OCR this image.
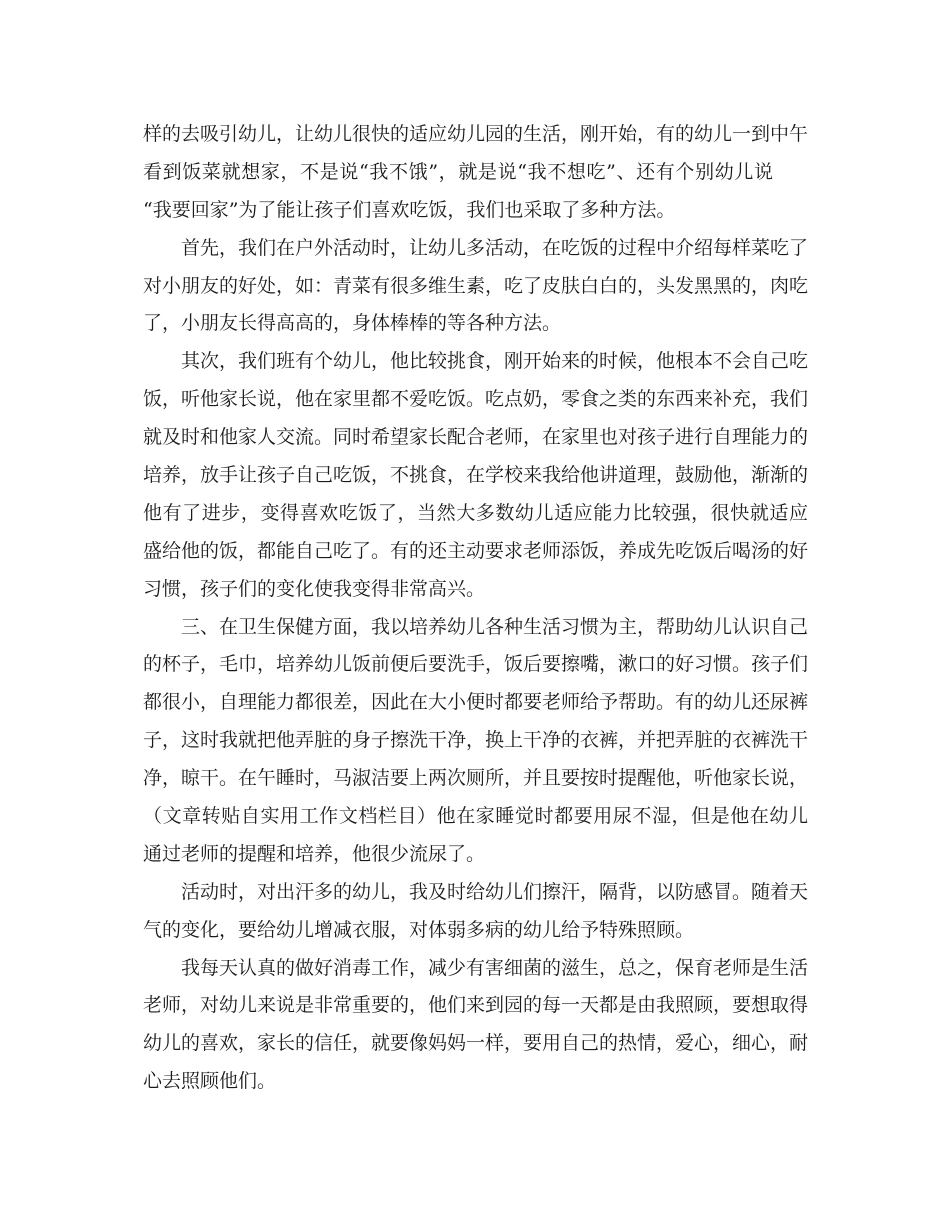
样的去吸引幼儿，让幼儿很快的适应幼儿园的生活，刚开始，有的幼儿一到中午
看到饭菜就想家，不是说“我不饿”，就是说“我不想吃”、还有个别幼儿说
“我要回家”为了能让孩子们喜欢吃饭，我们也采取了多种方法。
首先，我们在户外活动时，让幼儿多活动，在吃饭的过程中介绍每样菜吃了
对小朋友的好处，如：青菜有很多维生素，吃了皮肤白白的，头发黑黑的，肉吃
了，小朋友长得高高的，身体棒棒的等各种方法。
其次，我们班有个幼儿，他比较挑食，刚开始来的时候，他根本不会自己吃
饭，听他家长说，他在家里都不爱吃饭。吃点奶，零食之类的东西来补充，我们
就及时和他家人交流。同时希望家长配合老师，在家里也对孩子进行自理能力的
培养，放手让孩子自己吃饭，不挑食，在学校来我给他讲道理，鼓励他，渐渐的
他有了进步，变得喜欢吃饭了，当然大多数幼儿适应能力比较强，很快就适应
盛给他的饭，都能自己吃了。有的还主动要求老师添饭，养成先吃饭后喝汤的好
习惯，孩子们的变化使我变得非常高兴。
三、在卫生保健方面，我以培养幼儿各种生活习惯为主，帮助幼儿认识自己
的杯子，毛巾，培养幼儿饭前便后要洗手，饭后要擦嘴，漱口的好习惯。孩子们
都很小，自理能力都很差，因此在大小便时都要老师给予帮助。有的幼儿还尿裤
子，这时我就把他弄脏的身子擦洗干净，换上干净的衣裤，并把弄脏的衣裤洗干
净，晾干。在午睡时，马淑洁要上两次厕所，并且要按时提醒他，听他家长说，
（文章转贴自实用工作文档栏目）他在家睡觉时都要用尿不湿，但是他在幼儿
通过老师的提醒和培养，他很少流尿了。
活动时，对出汗多的幼儿，我及时给幼儿们擦汗，隔背，以防感冒。随着天
气的变化，要给幼儿增减衣服，对体弱多病的幼儿给予特殊照顾。
我每天认真的做好消毒工作，减少有害细菌的滋生，总之，保育老师是生活
老师，对幼儿来说是非常重要的，他们来到园的每一天都是由我照顾，要想取得
幼儿的喜欢，家长的信任，就要像妈妈一样，要用自己的热情，爱心，细心，耐
心去照顾他们。
